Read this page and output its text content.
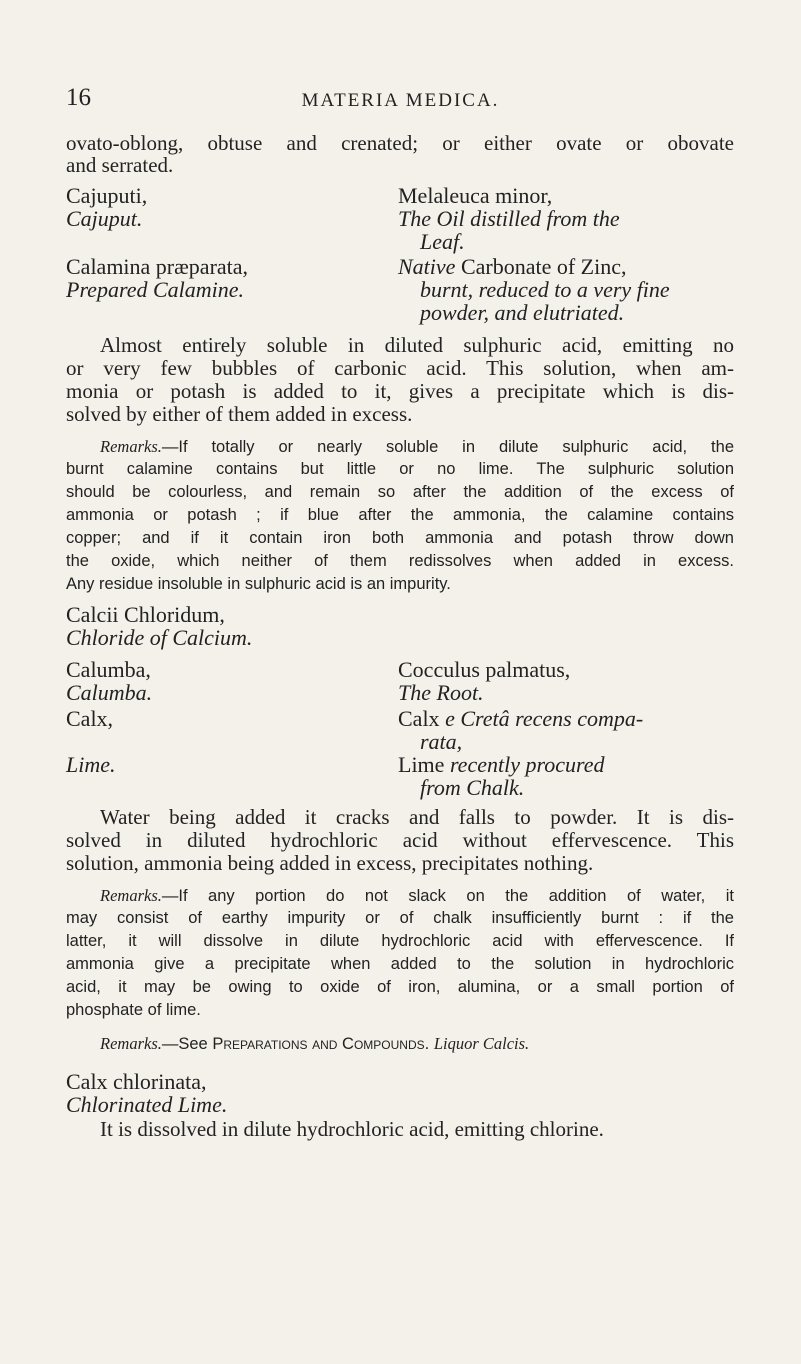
16	MATERIA MEDICA.
ovato-oblong, obtuse and crenated; or either ovate or obovate
and serrated.
Cajuputi,
Cajuput.
Melaleuca minor,
The Oil distilled from the
Leaf.
Calamina præparata,
Prepared Calamine.
Native Carbonate of Zinc,
burnt, reduced to a very fine
powder, and elutriated.
Almost entirely soluble in diluted sulphuric acid, emitting no
or very few bubbles of carbonic acid. This solution, when am-
monia or potash is added to it, gives a precipitate which is dis-
solved by either of them added in excess.
Remarks.—If totally or nearly soluble in dilute sulphuric acid, the
burnt calamine contains but little or no lime. The sulphuric solution
should be colourless, and remain so after the addition of the excess of
ammonia or potash ; if blue after the ammonia, the calamine contains
copper; and if it contain iron both ammonia and potash throw down
the oxide, which neither of them redissolves when added in excess.
Any residue insoluble in sulphuric acid is an impurity.
Calcii Chloridum,
Chloride of Calcium.
Calumba,
Calumba.
Cocculus palmatus,
The Root.
Calx,
Lime.
Calx e Cretâ recens compa-
rata,
Lime recently procured
from Chalk.
Water being added it cracks and falls to powder. It is dis-
solved in diluted hydrochloric acid without effervescence. This
solution, ammonia being added in excess, precipitates nothing.
Remarks.—If any portion do not slack on the addition of water, it
may consist of earthy impurity or of chalk insufficiently burnt : if the
latter, it will dissolve in dilute hydrochloric acid with effervescence. If
ammonia give a precipitate when added to the solution in hydrochloric
acid, it may be owing to oxide of iron, alumina, or a small portion of
phosphate of lime.
Remarks.—See Preparations and Compounds. Liquor Calcis.
Calx chlorinata,
Chlorinated Lime.
It is dissolved in dilute hydrochloric acid, emitting chlorine.
